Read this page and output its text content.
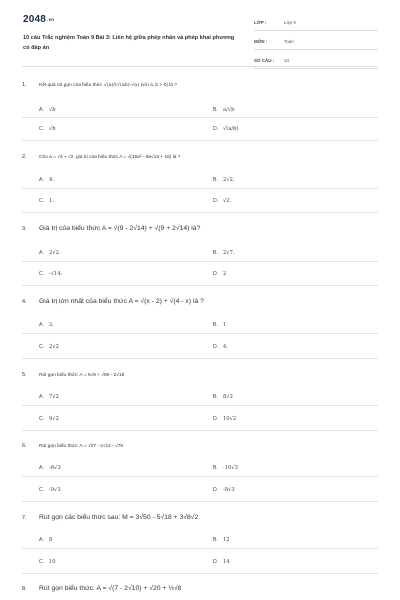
2048.vn
10 câu Trắc nghiệm Toán 9 Bài 3: Liên hệ giữa phép nhân và phép khai phương có đáp án
LỚP :	Lớp 9
MÔN :	Toán
SỐ CÂU : 10
1.	Kết quả rút gọn của biểu thức √(a)/(√(ab)-√a) (với a, b > 0) là ?
A. √b	B. a/√b
C. √b	D. √(a/b)
2.	Cho a = √3 + √2, giá trị của biểu thức A = √(15a² - 8a√15 + 16) là ?
A. 4.	B. 2√2.
C. 1.	D. √2.
3. Giá trị của biểu thức A = √(9 - 2√14) + √(9 + 2√14) là?
A. 2√2.	B. 2√7.
C. -√14.	D. 2
4. Giá trị lớn nhất của biểu thức A = √(x - 2) + √(4 - x) là ?
A. 2.	B. 1
C. 2√2	D. 4.
5.	Rút gọn biểu thức: A = 5√8 + √50 - 2√18
A. 7√2	B. 8√2
C. 9√2	D. 10√2
6.	Rút gọn biểu thức: A = √27 - 2√12 - √75
A. -6√3	B. -10√3
C. -9√3	D. -8√3
7. Rút gọn các biểu thức sau: M = 3√50 - 5√18 + 3√8√2
A. 8	B. 12
C. 10	D. 14
8. Rút gọn biểu thức: A = √(7 - 2√10) + √20 + ½√8
